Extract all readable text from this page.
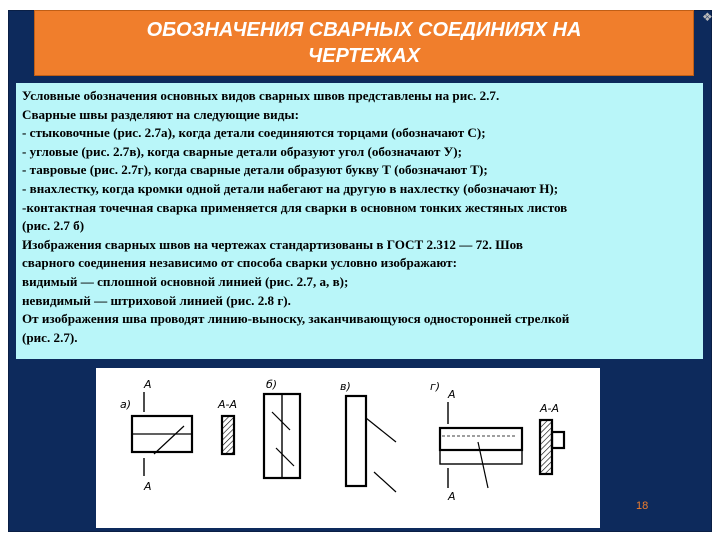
ОБОЗНАЧЕНИЯ СВАРНЫХ СОЕДИНИЯХ НА
ЧЕРТЕЖАХ
❖
Условные обозначения основных видов сварных швов представлены на рис. 2.7.
Сварные швы разделяют на следующие виды:
- стыковочные (рис. 2.7а), когда детали соединяются торцами (обозначают С);
- угловые (рис. 2.7в), когда сварные детали образуют угол (обозначают У);
- тавровые (рис. 2.7г), когда сварные детали образуют букву Т (обозначают Т);
- внахлестку, когда кромки одной детали набегают на другую в нахлестку (обозначают Н);
-контактная точечная сварка применяется для сварки в основном тонких жестяных листов
(рис. 2.7 б)
Изображения сварных швов на чертежах стандартизованы в ГОСТ 2.312 — 72. Шов
сварного соединения независимо от способа сварки условно изображают:
видимый — сплошной основной линией (рис. 2.7, а, в);
невидимый — штриховой линией (рис. 2.8 г).
От изображения шва проводят линию-выноску, заканчивающуюся односторонней стрелкой
(рис. 2.7).
а)
А
А
А-А
б)	в)	г)
А
А
А-А
18
